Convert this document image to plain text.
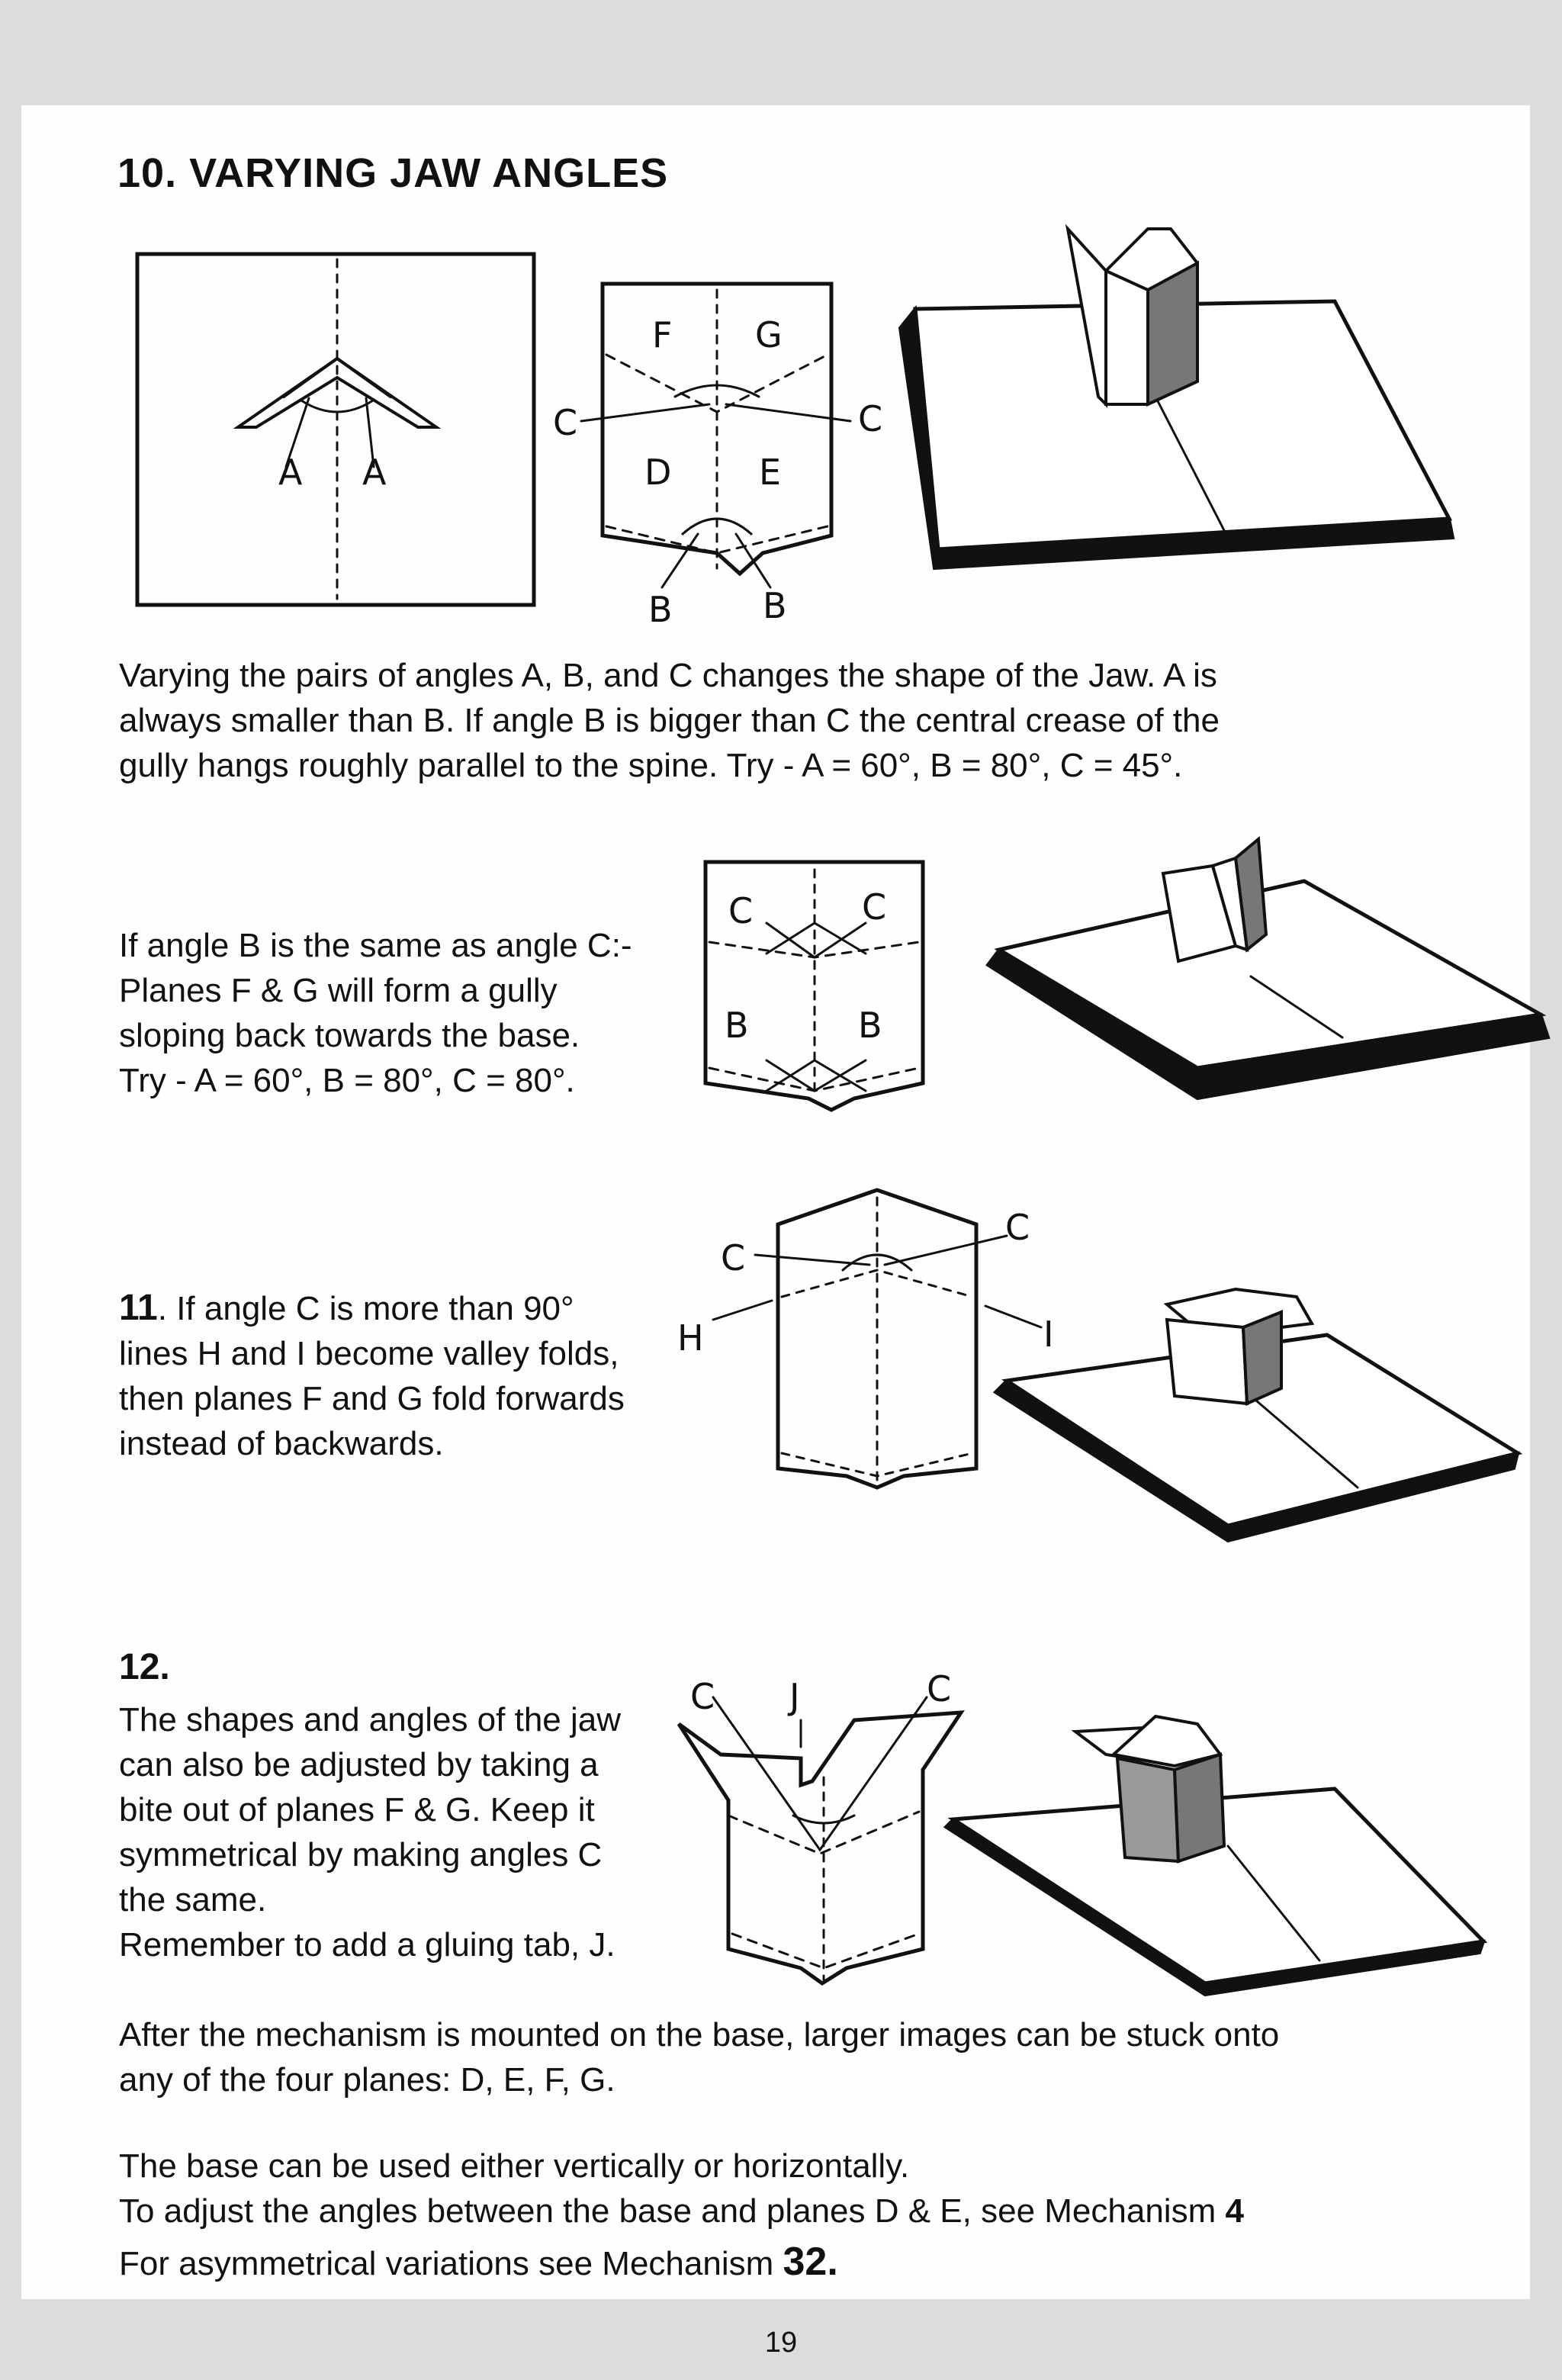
10. VARYING JAW ANGLES
A A
F G
C	C
D E
B	B
C	C
B	B
C
C
H	I
C J	C
Varying the pairs of angles A, B, and C changes the shape of the Jaw. A is
always smaller than B. If angle B is bigger than C the central crease of the
gully hangs roughly parallel to the spine. Try - A = 60°, B = 80°, C = 45°.
If angle B is the same as angle C:-
Planes F & G will form a gully
sloping back towards the base.
Try - A = 60°, B = 80°, C = 80°.
11. If angle C is more than 90°
lines H and I become valley folds,
then planes F and G fold forwards
instead of backwards.
12.
The shapes and angles of the jaw
can also be adjusted by taking a
bite out of planes F & G. Keep it
symmetrical by making angles C
the same.
Remember to add a gluing tab, J.
After the mechanism is mounted on the base, larger images can be stuck onto
any of the four planes: D, E, F, G.
The base can be used either vertically or horizontally.
To adjust the angles between the base and planes D & E, see Mechanism 4
For asymmetrical variations see Mechanism 32.
19
